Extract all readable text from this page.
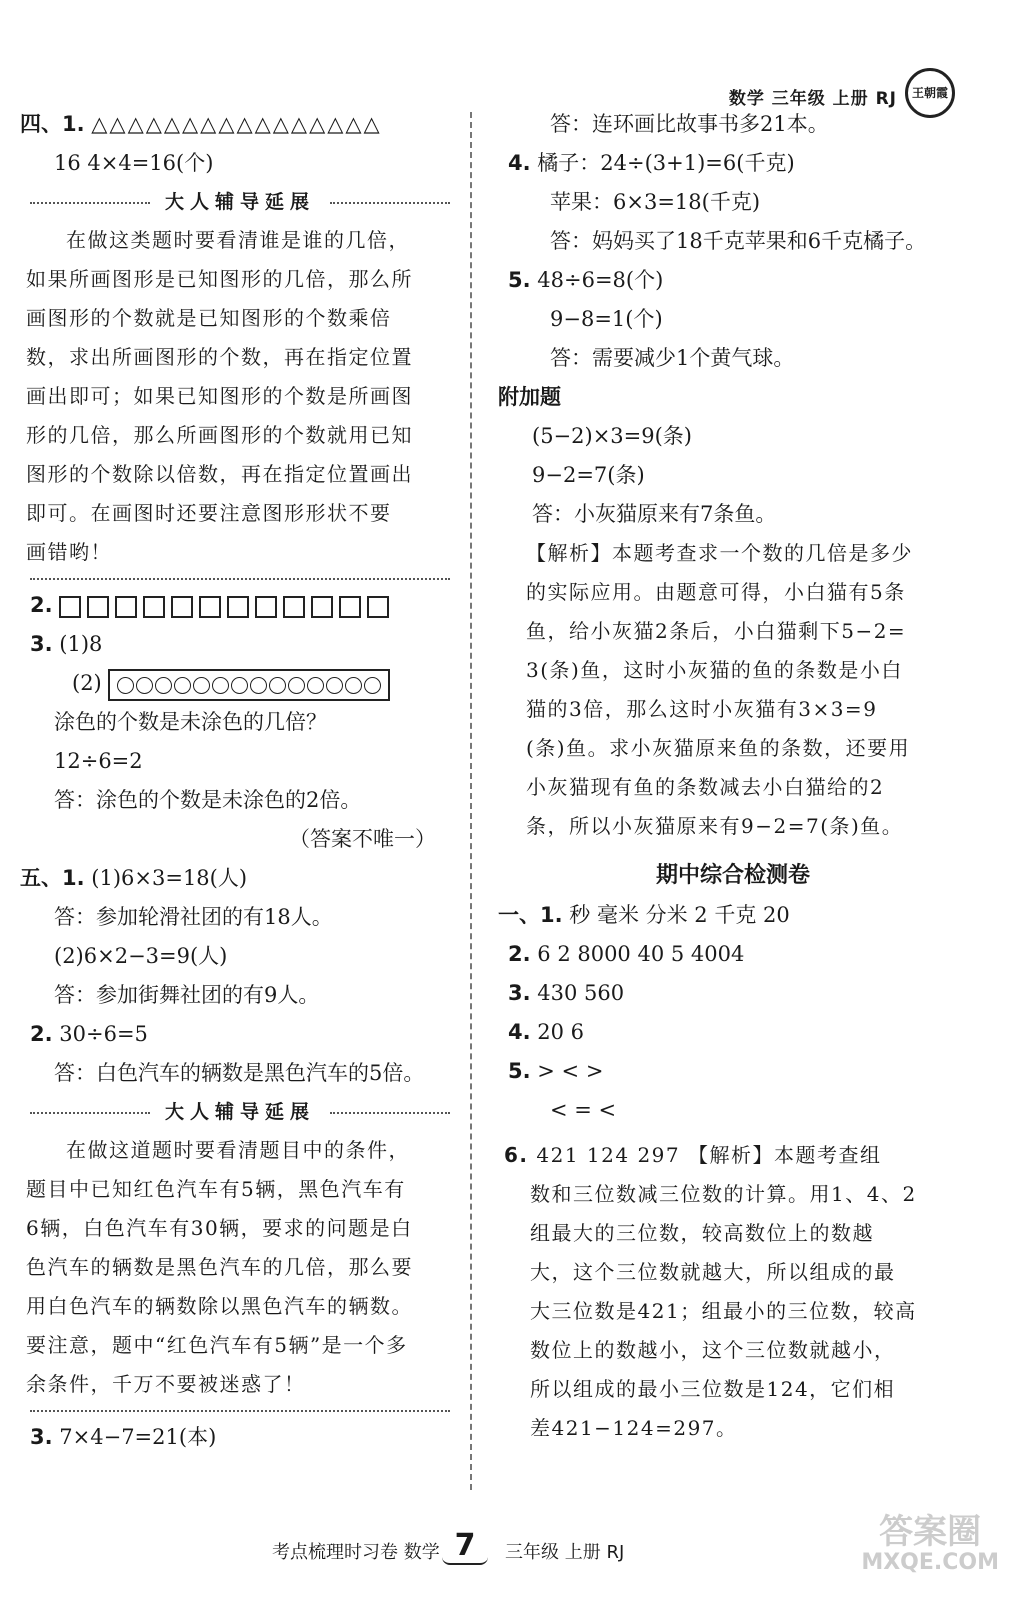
数学 三年级 上册 RJ	王朝霞
四、1. △△△△△△△△△△△△△△△△
16 4×4=16(个)
大人辅导延展
在做这类题时要看清谁是谁的几倍，
如果所画图形是已知图形的几倍，那么所
画图形的个数就是已知图形的个数乘倍
数，求出所画图形的个数，再在指定位置
画出即可；如果已知图形的个数是所画图
形的几倍，那么所画图形的个数就用已知
图形的个数除以倍数，再在指定位置画出
即可。在画图时还要注意图形形状不要
画错哟！
2.
3. (1)8
(2)
涂色的个数是未涂色的几倍？
12÷6=2
答：涂色的个数是未涂色的2倍。
（答案不唯一）
五、1. (1)6×3=18(人)
答：参加轮滑社团的有18人。
(2)6×2−3=9(人)
答：参加街舞社团的有9人。
2. 30÷6=5
答：白色汽车的辆数是黑色汽车的5倍。
大人辅导延展
在做这道题时要看清题目中的条件，
题目中已知红色汽车有5辆，黑色汽车有
6辆，白色汽车有30辆，要求的问题是白
色汽车的辆数是黑色汽车的几倍，那么要
用白色汽车的辆数除以黑色汽车的辆数。
要注意，题中“红色汽车有5辆”是一个多
余条件，千万不要被迷惑了！
3. 7×4−7=21(本)
答：连环画比故事书多21本。
4. 橘子：24÷(3+1)=6(千克)
苹果：6×3=18(千克)
答：妈妈买了18千克苹果和6千克橘子。
5. 48÷6=8(个)
9−8=1(个)
答：需要减少1个黄气球。
附加题
(5−2)×3=9(条)
9−2=7(条)
答：小灰猫原来有7条鱼。
【解析】本题考查求一个数的几倍是多少
的实际应用。由题意可得，小白猫有5条
鱼，给小灰猫2条后，小白猫剩下5−2=
3(条)鱼，这时小灰猫的鱼的条数是小白
猫的3倍，那么这时小灰猫有3×3=9
(条)鱼。求小灰猫原来鱼的条数，还要用
小灰猫现有鱼的条数减去小白猫给的2
条，所以小灰猫原来有9−2=7(条)鱼。
期中综合检测卷
一、1. 秒 毫米 分米 2 千克 20
2. 6 2 8000 40 5 4004
3. 430 560
4. 20 6
5. > < >
< = <
6. 421 124 297 【解析】本题考查组
数和三位数减三位数的计算。用1、4、2
组最大的三位数，较高数位上的数越
大，这个三位数就越大，所以组成的最
大三位数是421；组最小的三位数，较高
数位上的数越小，这个三位数就越小，
所以组成的最小三位数是124，它们相
差421−124=297。
考点梳理时习卷 数学 7	三年级 上册 RJ
答案圈
MXQE.COM
